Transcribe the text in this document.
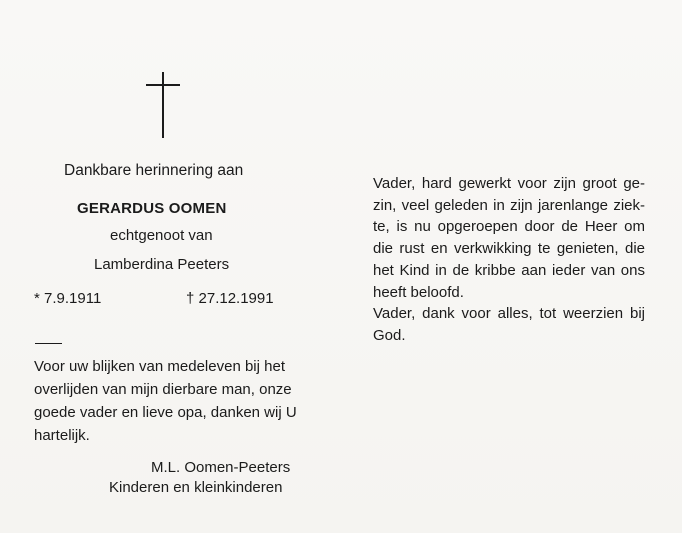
Dankbare herinnering aan

GERARDUS OOMEN

echtgenoot van

Lamberdina Peeters

* 7.9.1911	† 27.12.1991

Voor uw blijken van medeleven bij het
overlijden van mijn dierbare man, onze
goede vader en lieve opa, danken wij U
hartelijk.

M.L. Oomen-Peeters

Kinderen en kleinkinderen

Vader, hard gewerkt voor zijn groot ge-
zin, veel geleden in zijn jarenlange ziek-
te, is nu opgeroepen door de Heer om
die rust en verkwikking te genieten, die
het Kind in de kribbe aan ieder van ons
heeft beloofd.
Vader, dank voor alles, tot weerzien bij
God.
